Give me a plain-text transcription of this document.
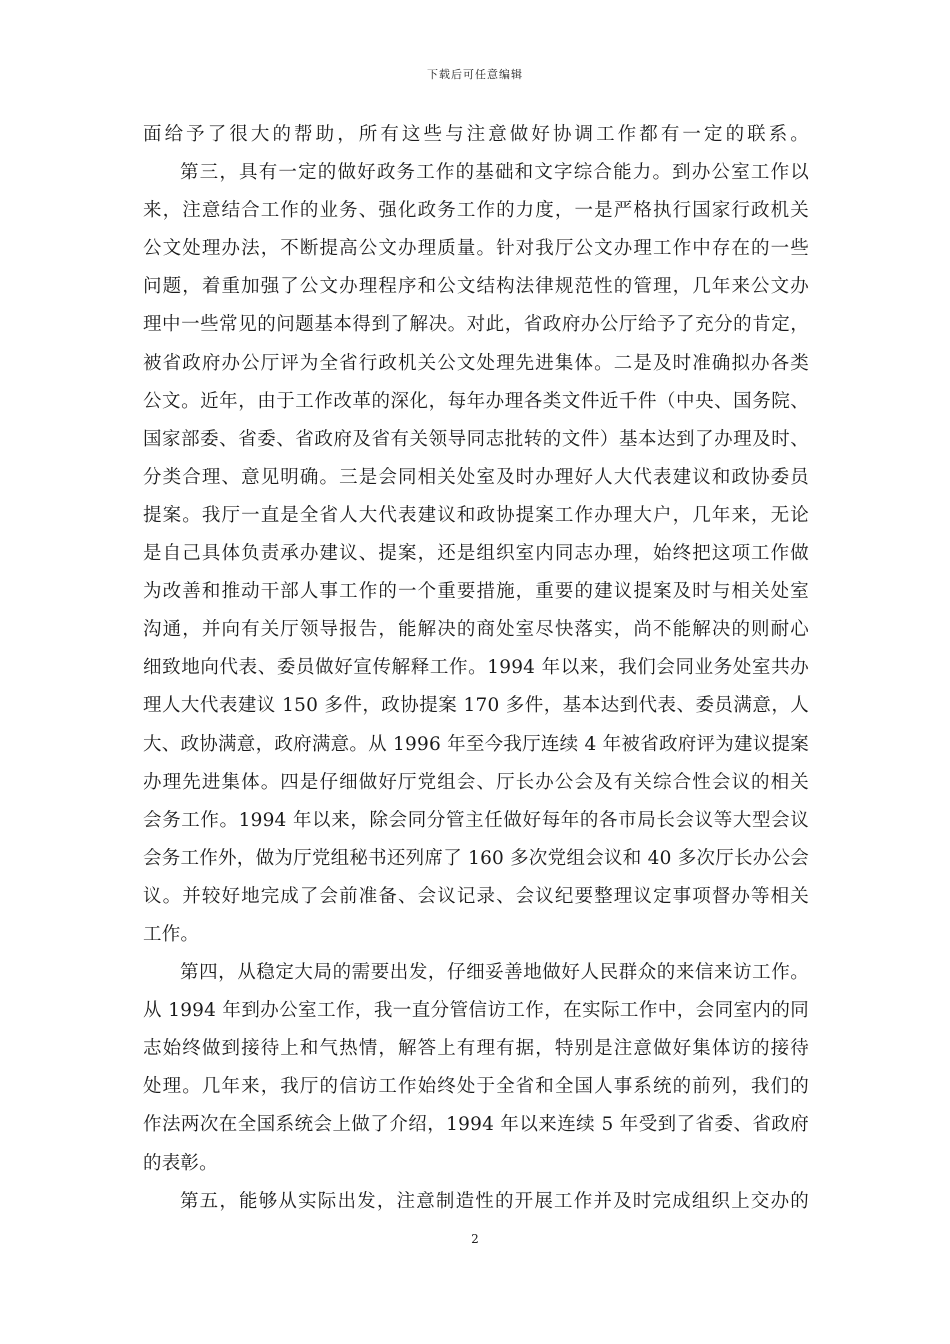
下载后可任意编辑
面给予了很大的帮助，所有这些与注意做好协调工作都有一定的联系。
第三，具有一定的做好政务工作的基础和文字综合能力。到办公室工作以
来，注意结合工作的业务、强化政务工作的力度，一是严格执行国家行政机关
公文处理办法，不断提高公文办理质量。针对我厅公文办理工作中存在的一些
问题，着重加强了公文办理程序和公文结构法律规范性的管理，几年来公文办
理中一些常见的问题基本得到了解决。对此，省政府办公厅给予了充分的肯定，
被省政府办公厅评为全省行政机关公文处理先进集体。二是及时准确拟办各类
公文。近年，由于工作改革的深化，每年办理各类文件近千件（中央、国务院、
国家部委、省委、省政府及省有关领导同志批转的文件）基本达到了办理及时、
分类合理、意见明确。三是会同相关处室及时办理好人大代表建议和政协委员
提案。我厅一直是全省人大代表建议和政协提案工作办理大户，几年来，无论
是自己具体负责承办建议、提案，还是组织室内同志办理，始终把这项工作做
为改善和推动干部人事工作的一个重要措施，重要的建议提案及时与相关处室
沟通，并向有关厅领导报告，能解决的商处室尽快落实，尚不能解决的则耐心
细致地向代表、委员做好宣传解释工作。1994 年以来，我们会同业务处室共办
理人大代表建议 150 多件，政协提案 170 多件，基本达到代表、委员满意，人
大、政协满意，政府满意。从 1996 年至今我厅连续 4 年被省政府评为建议提案
办理先进集体。四是仔细做好厅党组会、厅长办公会及有关综合性会议的相关
会务工作。1994 年以来，除会同分管主任做好每年的各市局长会议等大型会议
会务工作外，做为厅党组秘书还列席了 160 多次党组会议和 40 多次厅长办公会
议。并较好地完成了会前准备、会议记录、会议纪要整理议定事项督办等相关
工作。
第四，从稳定大局的需要出发，仔细妥善地做好人民群众的来信来访工作。
从 1994 年到办公室工作，我一直分管信访工作，在实际工作中，会同室内的同
志始终做到接待上和气热情，解答上有理有据，特别是注意做好集体访的接待
处理。几年来，我厅的信访工作始终处于全省和全国人事系统的前列，我们的
作法两次在全国系统会上做了介绍，1994 年以来连续 5 年受到了省委、省政府
的表彰。
第五，能够从实际出发，注意制造性的开展工作并及时完成组织上交办的
2
